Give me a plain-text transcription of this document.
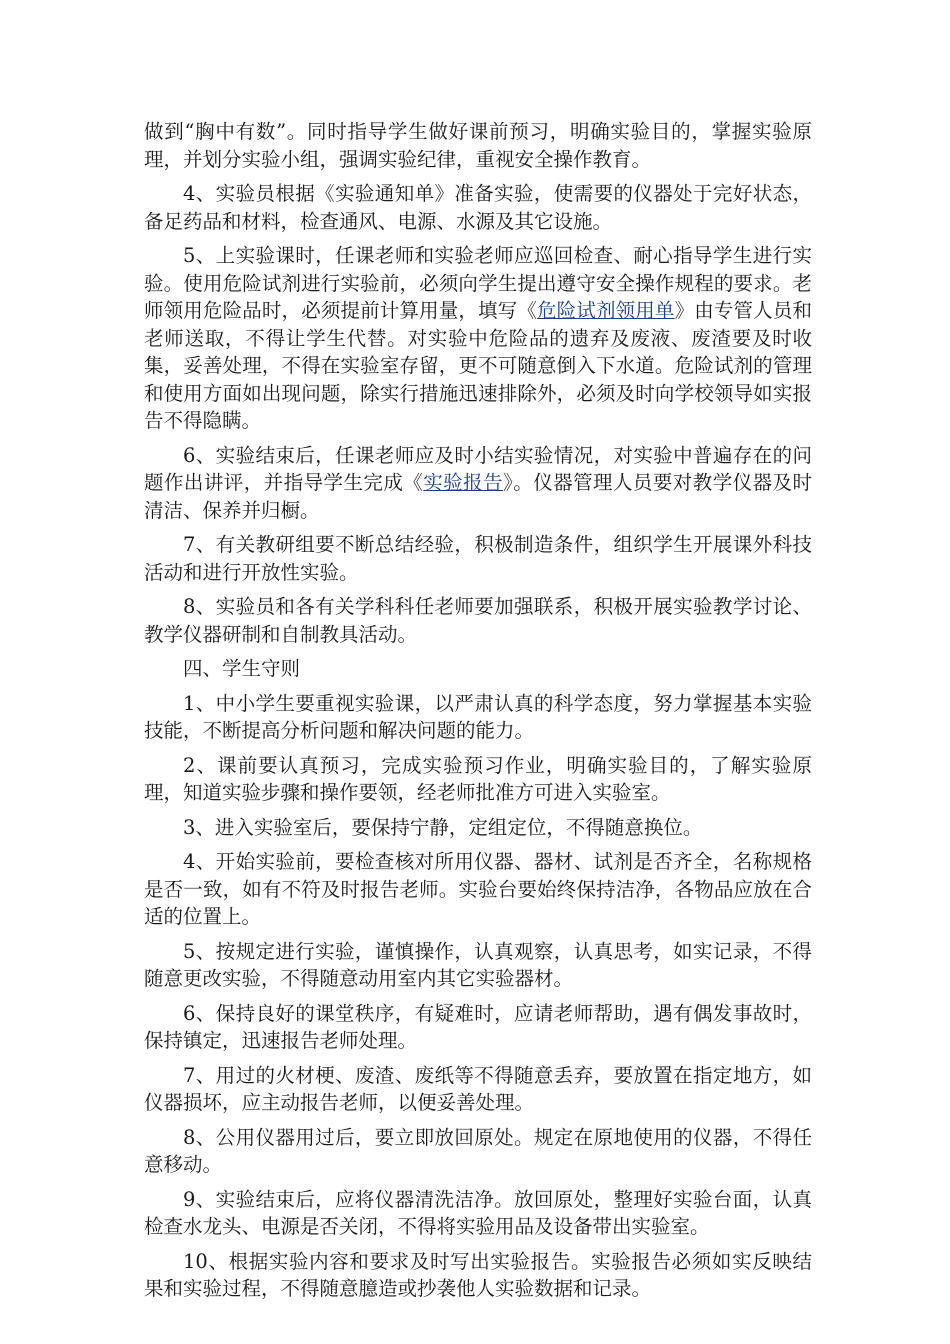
做到“胸中有数”。同时指导学生做好课前预习，明确实验目的，掌握实验原理，并划分实验小组，强调实验纪律，重视安全操作教育。

4、实验员根据《实验通知单》准备实验，使需要的仪器处于完好状态，备足药品和材料，检查通风、电源、水源及其它设施。

5、上实验课时，任课老师和实验老师应巡回检查、耐心指导学生进行实验。使用危险试剂进行实验前，必须向学生提出遵守安全操作规程的要求。老师领用危险品时，必须提前计算用量，填写《危险试剂领用单》由专管人员和老师送取，不得让学生代替。对实验中危险品的遗弃及废液、废渣要及时收集，妥善处理，不得在实验室存留，更不可随意倒入下水道。危险试剂的管理和使用方面如出现问题，除实行措施迅速排除外，必须及时向学校领导如实报告不得隐瞒。

6、实验结束后，任课老师应及时小结实验情况，对实验中普遍存在的问题作出讲评，并指导学生完成《实验报告》。仪器管理人员要对教学仪器及时清洁、保养并归橱。

7、有关教研组要不断总结经验，积极制造条件，组织学生开展课外科技活动和进行开放性实验。

8、实验员和各有关学科科任老师要加强联系，积极开展实验教学讨论、教学仪器研制和自制教具活动。

四、学生守则

1、中小学生要重视实验课，以严肃认真的科学态度，努力掌握基本实验技能，不断提高分析问题和解决问题的能力。

2、课前要认真预习，完成实验预习作业，明确实验目的，了解实验原理，知道实验步骤和操作要领，经老师批准方可进入实验室。

3、进入实验室后，要保持宁静，定组定位，不得随意换位。

4、开始实验前，要检查核对所用仪器、器材、试剂是否齐全，名称规格是否一致，如有不符及时报告老师。实验台要始终保持洁净，各物品应放在合适的位置上。

5、按规定进行实验，谨慎操作，认真观察，认真思考，如实记录，不得随意更改实验，不得随意动用室内其它实验器材。

6、保持良好的课堂秩序，有疑难时，应请老师帮助，遇有偶发事故时，保持镇定，迅速报告老师处理。

7、用过的火材梗、废渣、废纸等不得随意丢弃，要放置在指定地方，如仪器损坏，应主动报告老师，以便妥善处理。

8、公用仪器用过后，要立即放回原处。规定在原地使用的仪器，不得任意移动。

9、实验结束后，应将仪器清洗洁净。放回原处，整理好实验台面，认真检查水龙头、电源是否关闭，不得将实验用品及设备带出实验室。

10、根据实验内容和要求及时写出实验报告。实验报告必须如实反映结果和实验过程，不得随意臆造或抄袭他人实验数据和记录。
